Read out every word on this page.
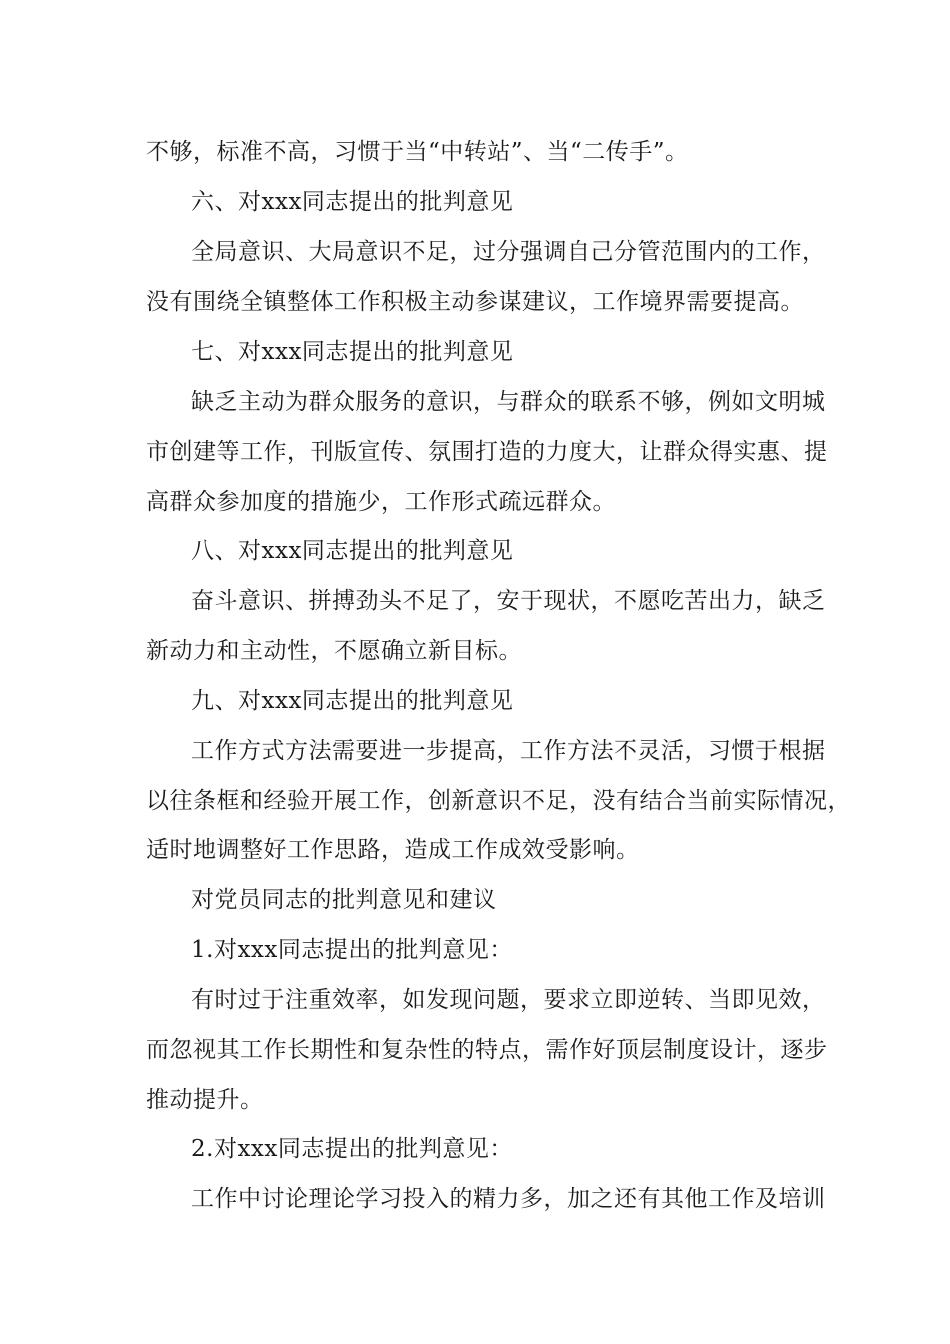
不够，标准不高，习惯于当“中转站”、当“二传手”。
六、对xxx同志提出的批判意见
全局意识、大局意识不足，过分强调自己分管范围内的工作，
没有围绕全镇整体工作积极主动参谋建议，工作境界需要提高。
七、对xxx同志提出的批判意见
缺乏主动为群众服务的意识，与群众的联系不够，例如文明城
市创建等工作，刊版宣传、氛围打造的力度大，让群众得实惠、提
高群众参加度的措施少，工作形式疏远群众。
八、对xxx同志提出的批判意见
奋斗意识、拼搏劲头不足了，安于现状，不愿吃苦出力，缺乏
新动力和主动性，不愿确立新目标。
九、对xxx同志提出的批判意见
工作方式方法需要进一步提高，工作方法不灵活，习惯于根据
以往条框和经验开展工作，创新意识不足，没有结合当前实际情况，
适时地调整好工作思路，造成工作成效受影响。
对党员同志的批判意见和建议
1.对xxx同志提出的批判意见：
有时过于注重效率，如发现问题，要求立即逆转、当即见效，
而忽视其工作长期性和复杂性的特点，需作好顶层制度设计，逐步
推动提升。
2.对xxx同志提出的批判意见：
工作中讨论理论学习投入的精力多，加之还有其他工作及培训
